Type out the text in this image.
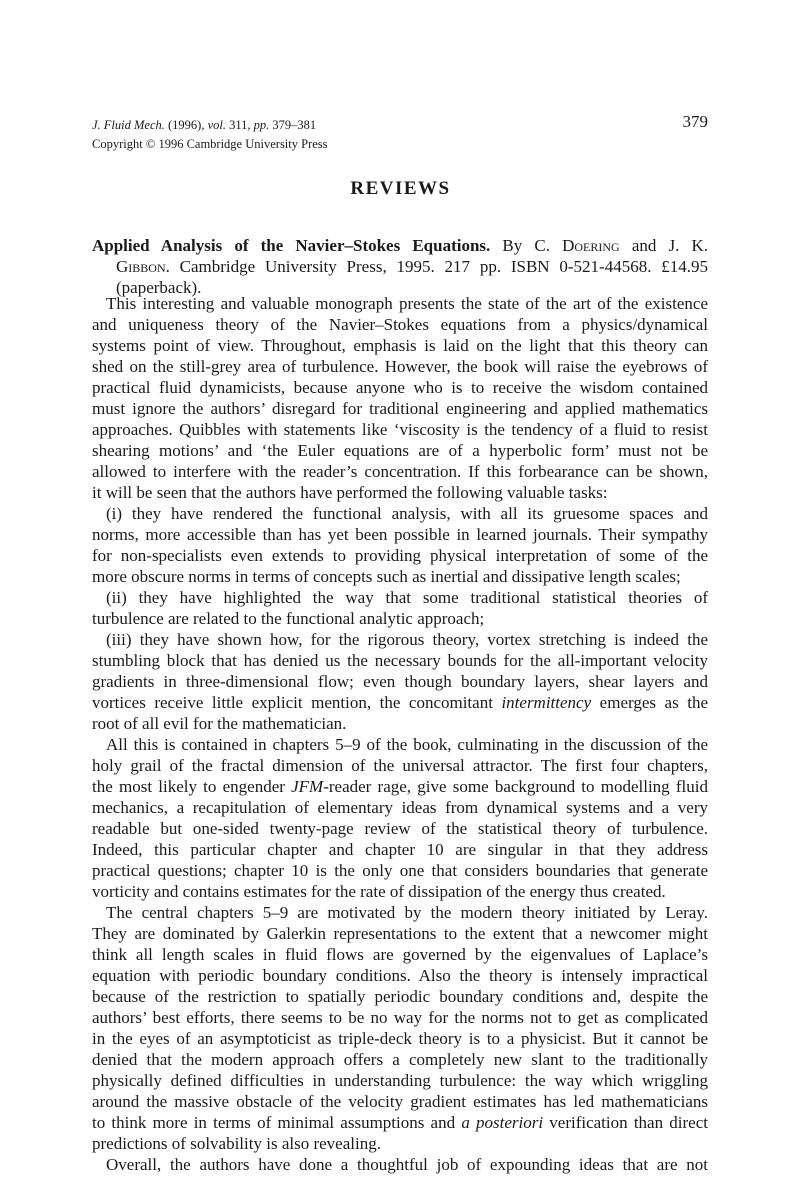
J. Fluid Mech. (1996), vol. 311, pp. 379–381
Copyright © 1996 Cambridge University Press
379
REVIEWS
Applied Analysis of the Navier–Stokes Equations. By C. Doering and J. K.
Gibbon. Cambridge University Press, 1995. 217 pp. ISBN 0-521-44568. £14.95
(paperback).
This interesting and valuable monograph presents the state of the art of the existence
and uniqueness theory of the Navier–Stokes equations from a physics/dynamical
systems point of view. Throughout, emphasis is laid on the light that this theory can
shed on the still-grey area of turbulence. However, the book will raise the eyebrows of
practical fluid dynamicists, because anyone who is to receive the wisdom contained
must ignore the authors’ disregard for traditional engineering and applied mathematics
approaches. Quibbles with statements like ‘viscosity is the tendency of a fluid to resist
shearing motions’ and ‘the Euler equations are of a hyperbolic form’ must not be
allowed to interfere with the reader’s concentration. If this forbearance can be shown,
it will be seen that the authors have performed the following valuable tasks:
(i) they have rendered the functional analysis, with all its gruesome spaces and
norms, more accessible than has yet been possible in learned journals. Their sympathy
for non-specialists even extends to providing physical interpretation of some of the
more obscure norms in terms of concepts such as inertial and dissipative length scales;
(ii) they have highlighted the way that some traditional statistical theories of
turbulence are related to the functional analytic approach;
(iii) they have shown how, for the rigorous theory, vortex stretching is indeed the
stumbling block that has denied us the necessary bounds for the all-important velocity
gradients in three-dimensional flow; even though boundary layers, shear layers and
vortices receive little explicit mention, the concomitant intermittency emerges as the
root of all evil for the mathematician.
All this is contained in chapters 5–9 of the book, culminating in the discussion of the
holy grail of the fractal dimension of the universal attractor. The first four chapters,
the most likely to engender JFM-reader rage, give some background to modelling fluid
mechanics, a recapitulation of elementary ideas from dynamical systems and a very
readable but one-sided twenty-page review of the statistical theory of turbulence.
Indeed, this particular chapter and chapter 10 are singular in that they address
practical questions; chapter 10 is the only one that considers boundaries that generate
vorticity and contains estimates for the rate of dissipation of the energy thus created.
The central chapters 5–9 are motivated by the modern theory initiated by Leray.
They are dominated by Galerkin representations to the extent that a newcomer might
think all length scales in fluid flows are governed by the eigenvalues of Laplace’s
equation with periodic boundary conditions. Also the theory is intensely impractical
because of the restriction to spatially periodic boundary conditions and, despite the
authors’ best efforts, there seems to be no way for the norms not to get as complicated
in the eyes of an asymptoticist as triple-deck theory is to a physicist. But it cannot be
denied that the modern approach offers a completely new slant to the traditionally
physically defined difficulties in understanding turbulence: the way which wriggling
around the massive obstacle of the velocity gradient estimates has led mathematicians
to think more in terms of minimal assumptions and a posteriori verification than direct
predictions of solvability is also revealing.
Overall, the authors have done a thoughtful job of expounding ideas that are not
